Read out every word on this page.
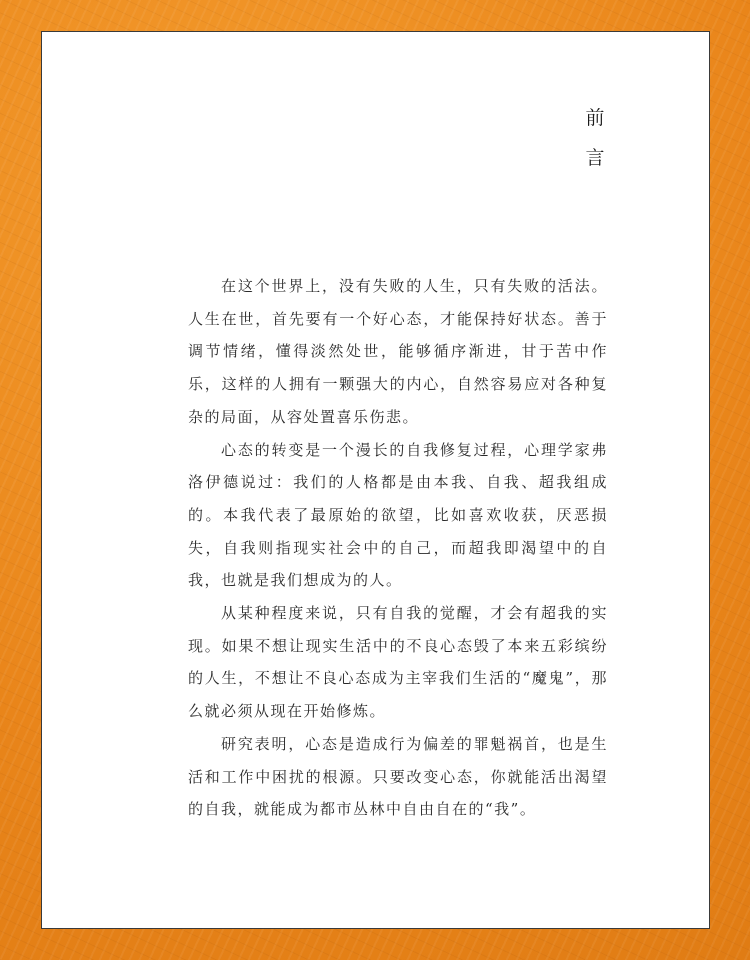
前
言

在这个世界上，没有失败的人生，只有失败的活法。人生在世，首先要有一个好心态，才能保持好状态。善于调节情绪，懂得淡然处世，能够循序渐进，甘于苦中作乐，这样的人拥有一颗强大的内心，自然容易应对各种复杂的局面，从容处置喜乐伤悲。

心态的转变是一个漫长的自我修复过程，心理学家弗洛伊德说过：我们的人格都是由本我、自我、超我组成的。本我代表了最原始的欲望，比如喜欢收获，厌恶损失，自我则指现实社会中的自己，而超我即渴望中的自我，也就是我们想成为的人。

从某种程度来说，只有自我的觉醒，才会有超我的实现。如果不想让现实生活中的不良心态毁了本来五彩缤纷的人生，不想让不良心态成为主宰我们生活的“魔鬼”，那么就必须从现在开始修炼。

研究表明，心态是造成行为偏差的罪魁祸首，也是生活和工作中困扰的根源。只要改变心态，你就能活出渴望的自我，就能成为都市丛林中自由自在的“我”。
